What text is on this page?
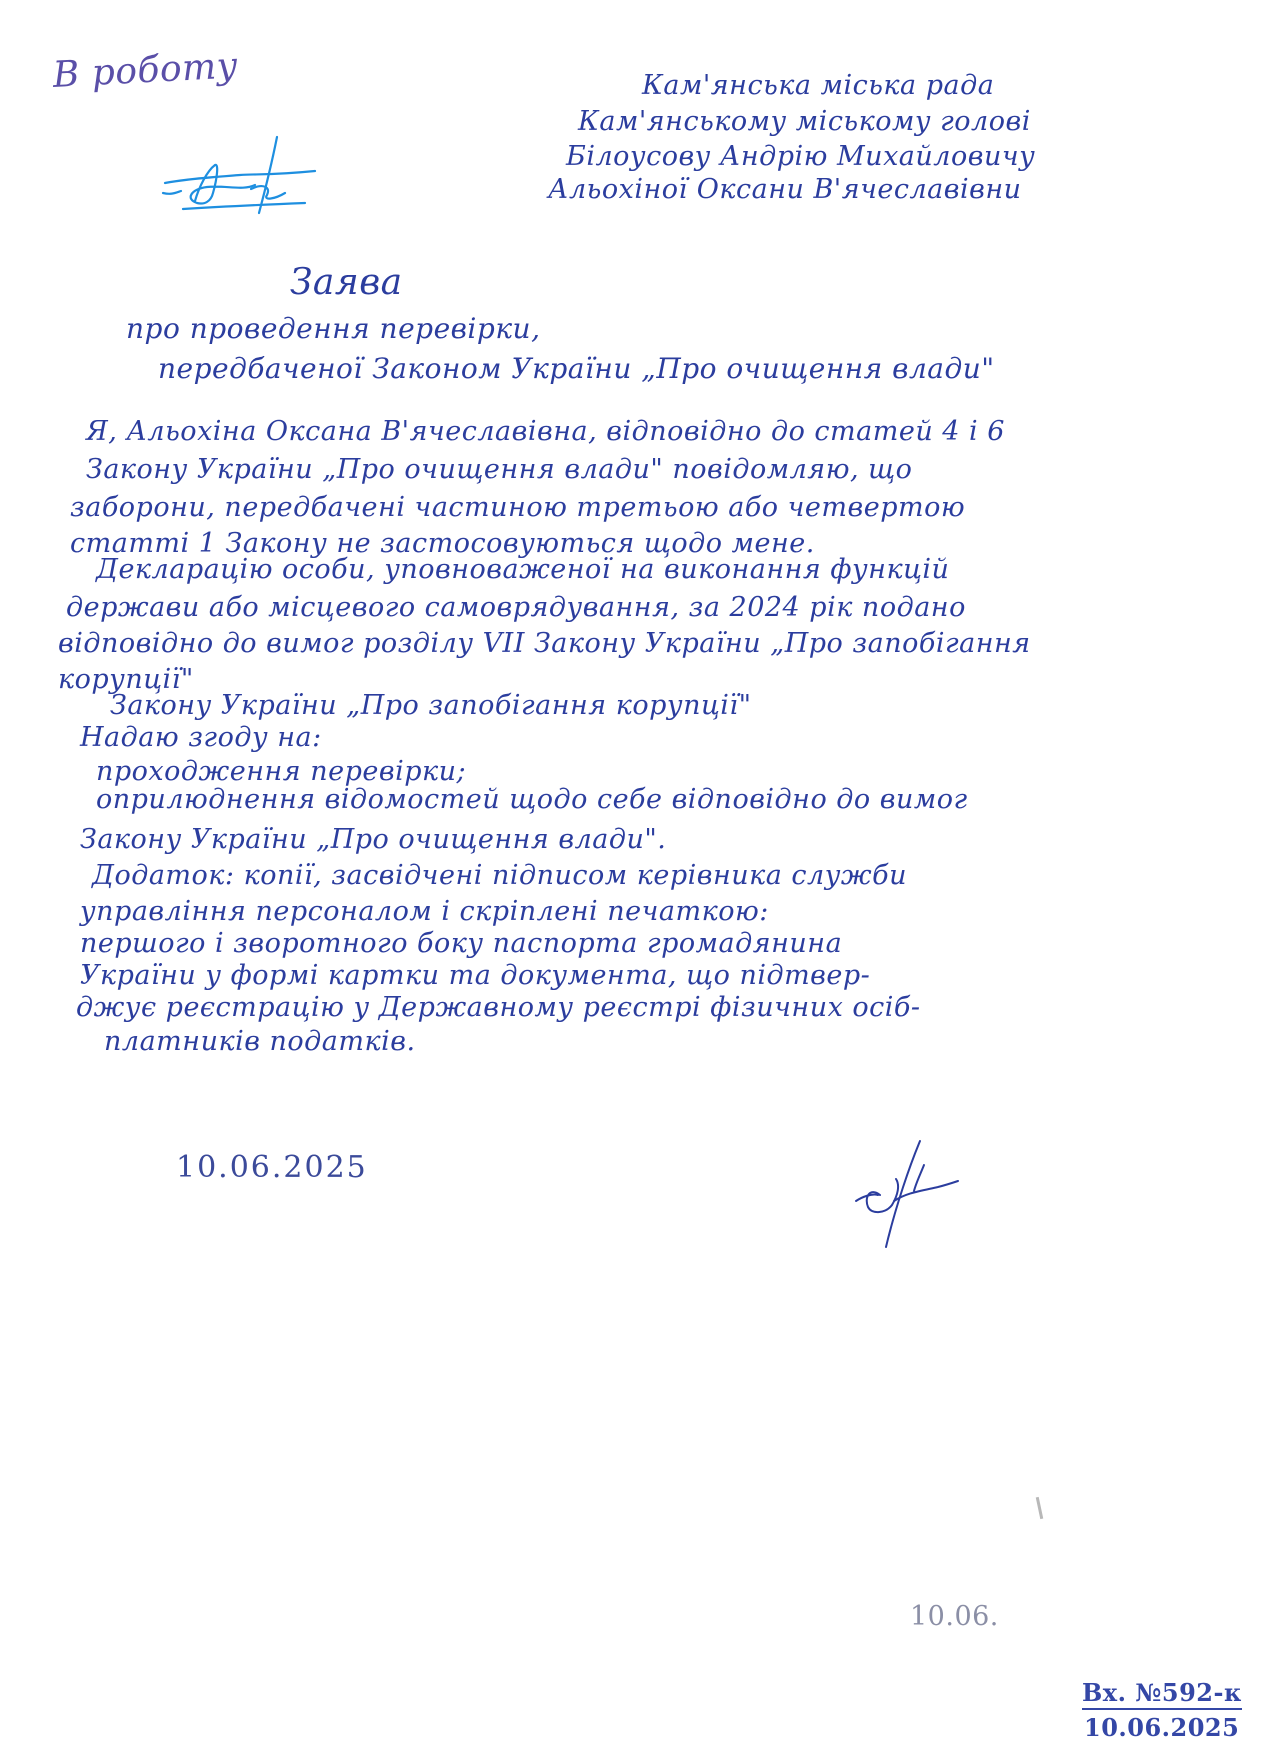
В роботу	Кам'янська міська рада
Кам'янському міському голові
Білоусову Андрію Михайловичу
Альохіної Оксани В'ячеславівни
Заява
про проведення перевірки,
передбаченої Законом України „Про очищення влади"
Я, Альохіна Оксана В'ячеславівна, відповідно до статей 4 і 6
Закону України „Про очищення влади" повідомляю, що
заборони, передбачені частиною третьою або четвертою
статті 1 Закону не застосовуються щодо мене.
Декларацію особи, уповноваженої на виконання функцій
держави або місцевого самоврядування, за 2024 рік подано
відповідно до вимог розділу VII Закону України „Про запобігання
корупції"
Закону України „Про запобігання корупції"
Надаю згоду на:
проходження перевірки;
оприлюднення відомостей щодо себе відповідно до вимог
Закону України „Про очищення влади".
Додаток: копії, засвідчені підписом керівника служби
управління персоналом і скріплені печаткою:
першого і зворотного боку паспорта громадянина
України у формі картки та документа, що підтвер-
джує реєстрацію у Державному реєстрі фізичних осіб-
платників податків.
10.06.2025
10.06.
Вх. №592-к
10.06.2025
